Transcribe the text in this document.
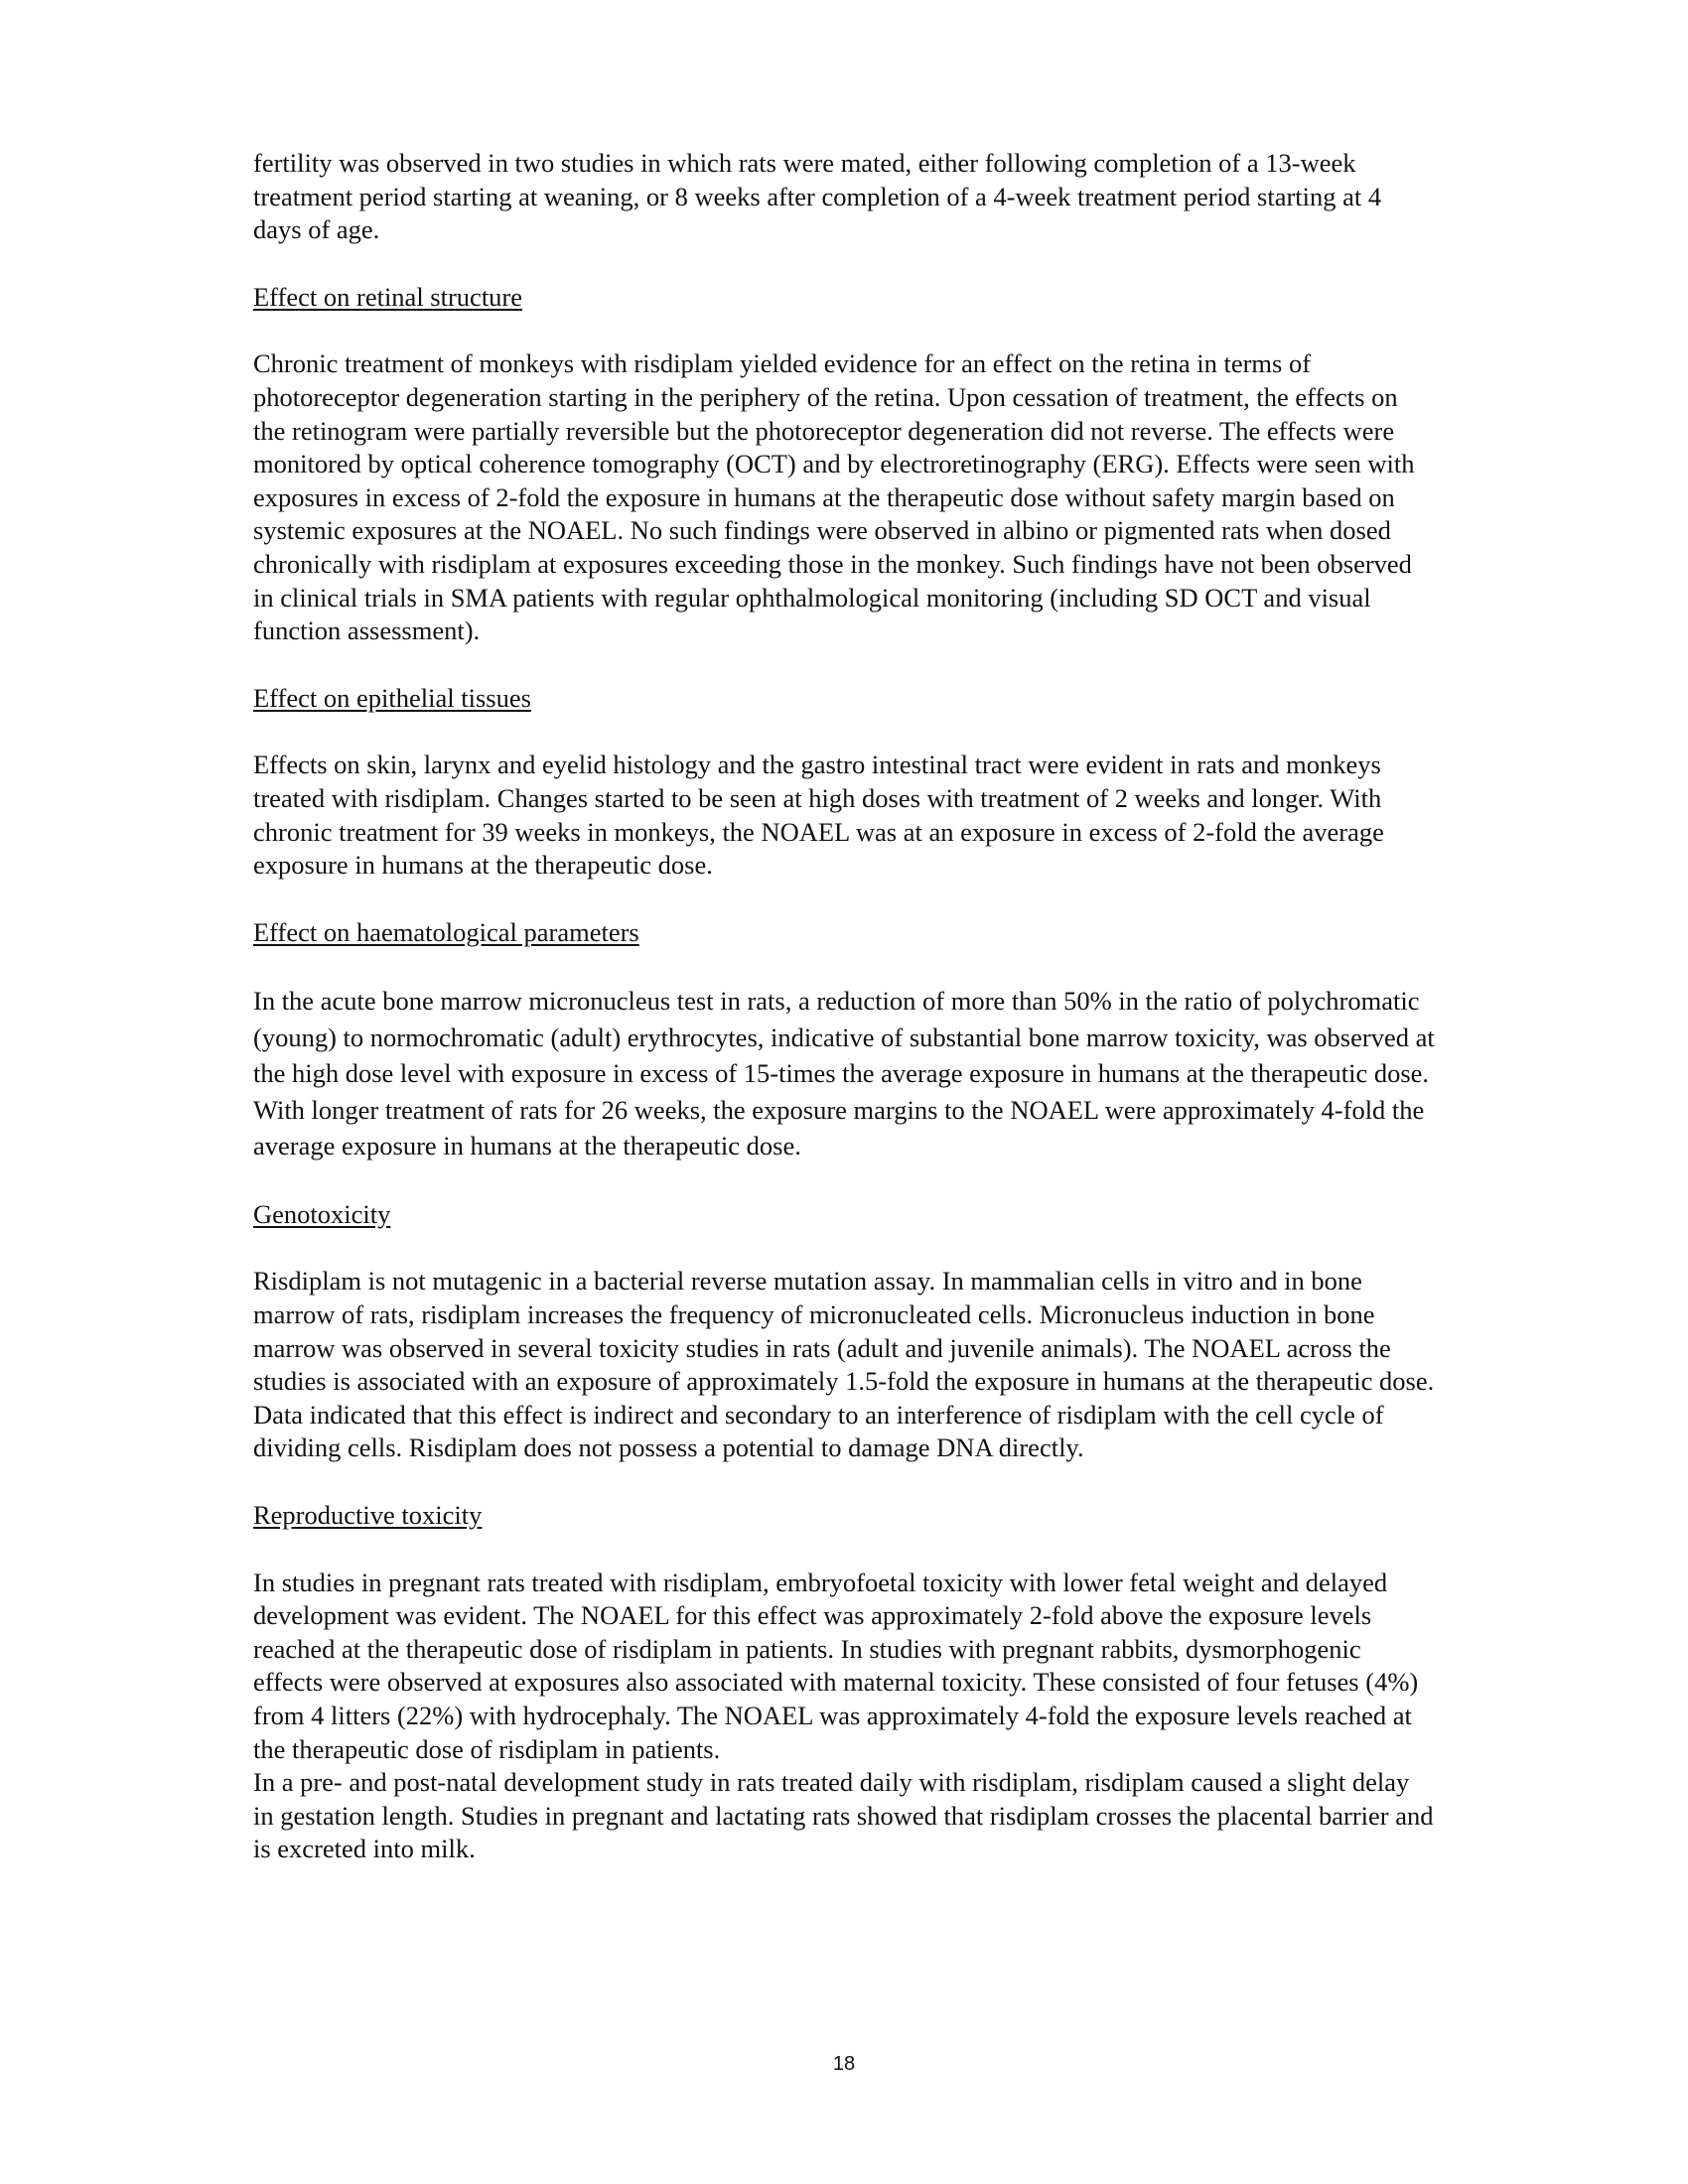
fertility was observed in two studies in which rats were mated, either following completion of a 13-week treatment period starting at weaning, or 8 weeks after completion of a 4-week treatment period starting at 4 days of age.

Effect on retinal structure

Chronic treatment of monkeys with risdiplam yielded evidence for an effect on the retina in terms of photoreceptor degeneration starting in the periphery of the retina. Upon cessation of treatment, the effects on the retinogram were partially reversible but the photoreceptor degeneration did not reverse. The effects were monitored by optical coherence tomography (OCT) and by electroretinography (ERG). Effects were seen with exposures in excess of 2-fold the exposure in humans at the therapeutic dose without safety margin based on systemic exposures at the NOAEL. No such findings were observed in albino or pigmented rats when dosed chronically with risdiplam at exposures exceeding those in the monkey. Such findings have not been observed in clinical trials in SMA patients with regular ophthalmological monitoring (including SD OCT and visual function assessment).

Effect on epithelial tissues

Effects on skin, larynx and eyelid histology and the gastro intestinal tract were evident in rats and monkeys treated with risdiplam. Changes started to be seen at high doses with treatment of 2 weeks and longer. With chronic treatment for 39 weeks in monkeys, the NOAEL was at an exposure in excess of 2-fold the average exposure in humans at the therapeutic dose.

Effect on haematological parameters

In the acute bone marrow micronucleus test in rats, a reduction of more than 50% in the ratio of polychromatic (young) to normochromatic (adult) erythrocytes, indicative of substantial bone marrow toxicity, was observed at the high dose level with exposure in excess of 15-times the average exposure in humans at the therapeutic dose. With longer treatment of rats for 26 weeks, the exposure margins to the NOAEL were approximately 4-fold the average exposure in humans at the therapeutic dose.

Genotoxicity

Risdiplam is not mutagenic in a bacterial reverse mutation assay. In mammalian cells in vitro and in bone marrow of rats, risdiplam increases the frequency of micronucleated cells. Micronucleus induction in bone marrow was observed in several toxicity studies in rats (adult and juvenile animals). The NOAEL across the studies is associated with an exposure of approximately 1.5-fold the exposure in humans at the therapeutic dose. Data indicated that this effect is indirect and secondary to an interference of risdiplam with the cell cycle of dividing cells. Risdiplam does not possess a potential to damage DNA directly.

Reproductive toxicity

In studies in pregnant rats treated with risdiplam, embryofoetal toxicity with lower fetal weight and delayed development was evident. The NOAEL for this effect was approximately 2-fold above the exposure levels reached at the therapeutic dose of risdiplam in patients. In studies with pregnant rabbits, dysmorphogenic effects were observed at exposures also associated with maternal toxicity. These consisted of four fetuses (4%) from 4 litters (22%) with hydrocephaly. The NOAEL was approximately 4-fold the exposure levels reached at the therapeutic dose of risdiplam in patients.

In a pre- and post-natal development study in rats treated daily with risdiplam, risdiplam caused a slight delay in gestation length. Studies in pregnant and lactating rats showed that risdiplam crosses the placental barrier and is excreted into milk.

18
